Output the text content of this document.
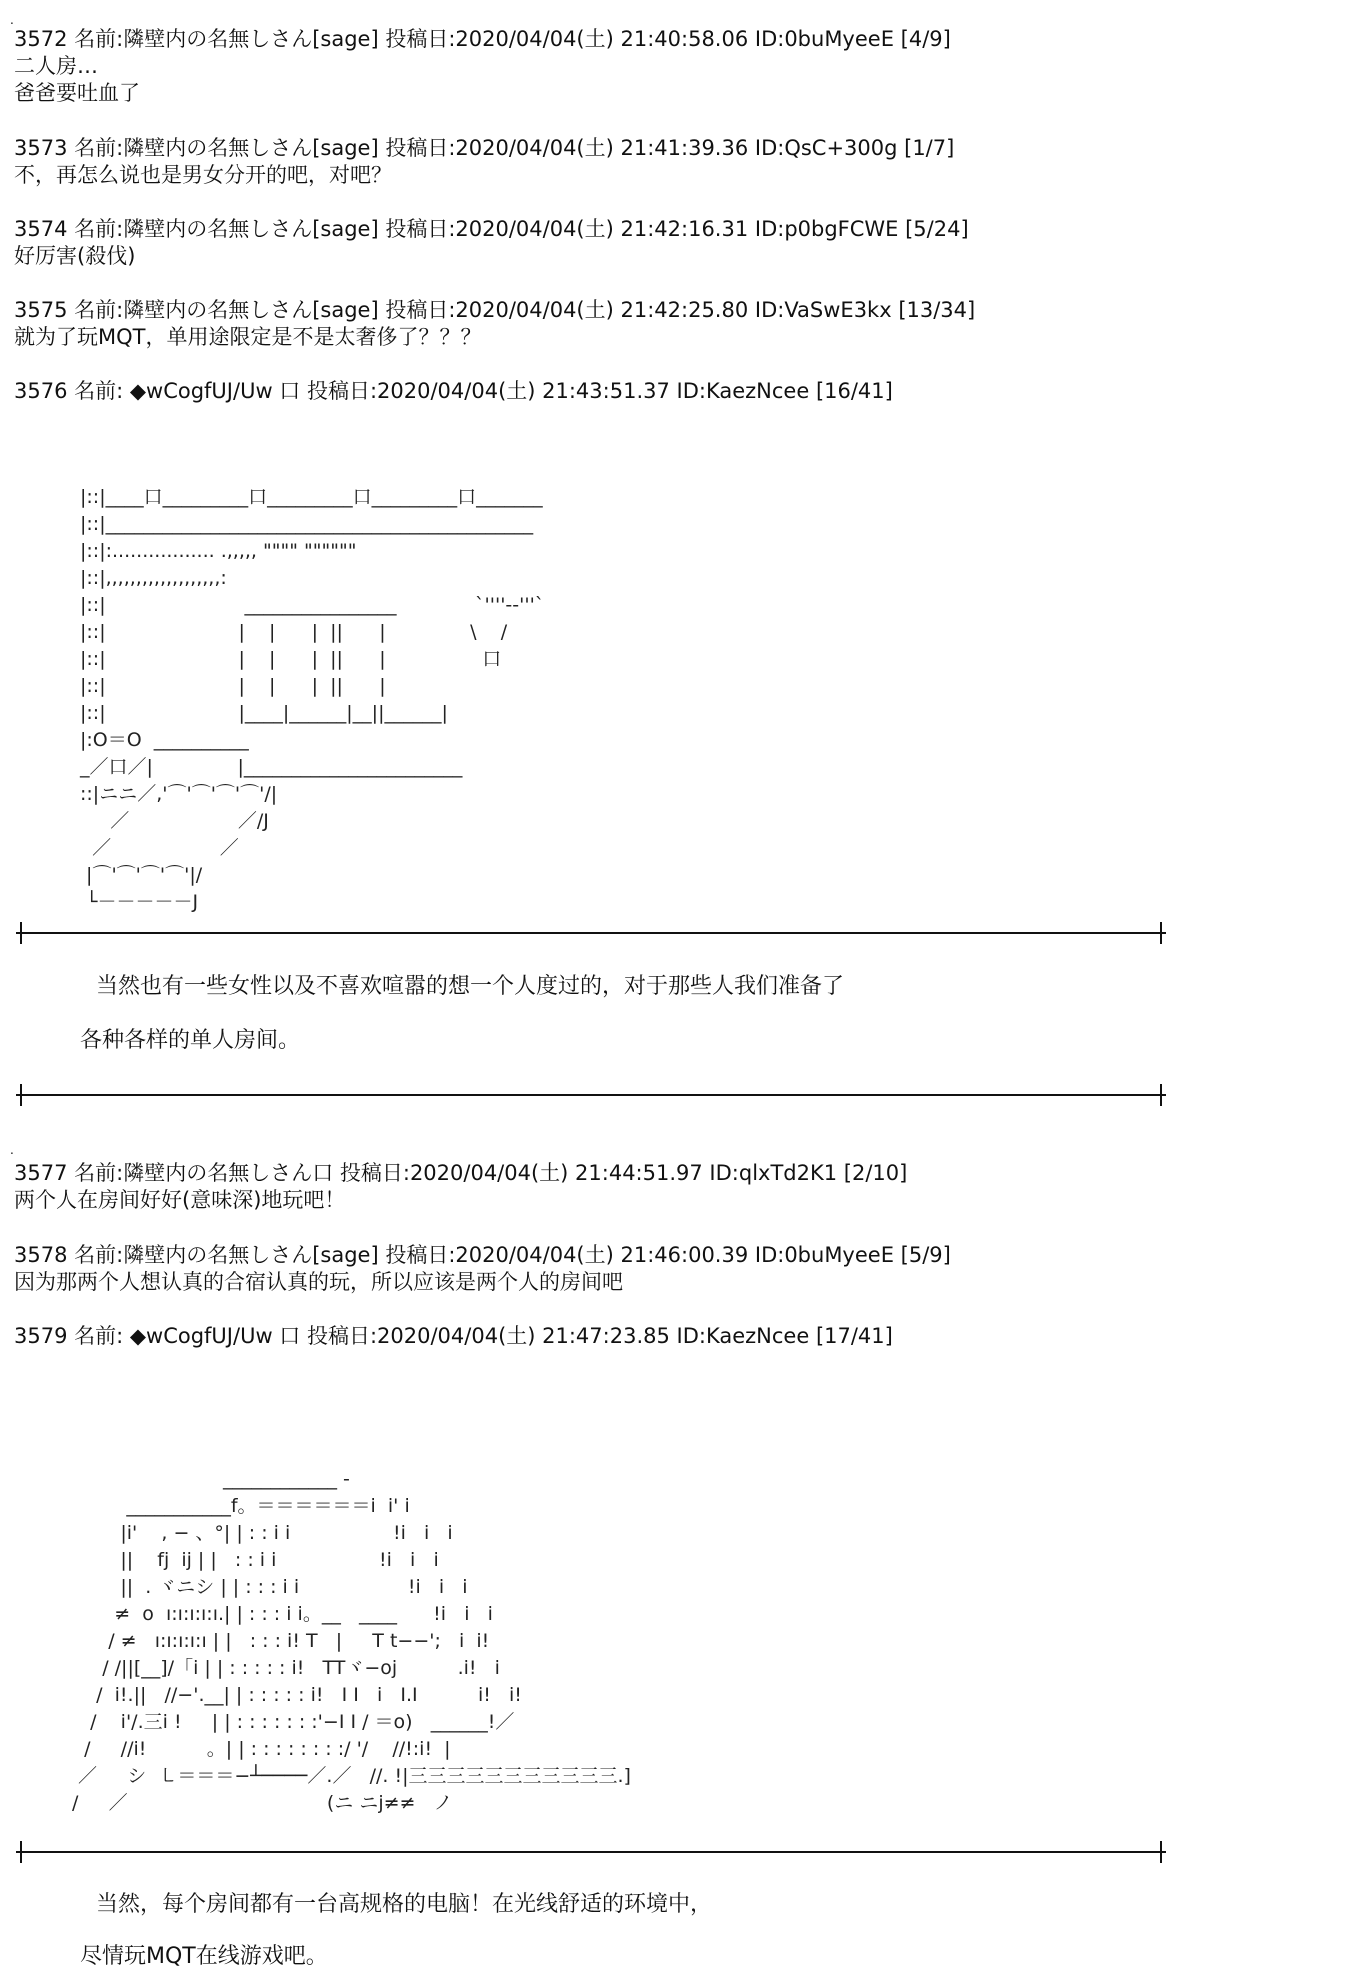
.
3572 名前:隣壁内の名無しさん[sage] 投稿日:2020/04/04(土) 21:40:58.06 ID:0buMyeeE [4/9]
二人房…
爸爸要吐血了
3573 名前:隣壁内の名無しさん[sage] 投稿日:2020/04/04(土) 21:41:39.36 ID:QsC+300g [1/7]
不，再怎么说也是男女分开的吧，对吧？
3574 名前:隣壁内の名無しさん[sage] 投稿日:2020/04/04(土) 21:42:16.31 ID:p0bgFCWE [5/24]
好厉害(殺伐)
3575 名前:隣壁内の名無しさん[sage] 投稿日:2020/04/04(土) 21:42:25.80 ID:VaSwE3kx [13/34]
就为了玩MQT，单用途限定是不是太奢侈了？？？
3576 名前: ◆wCogfUJ/Uw 口 投稿日:2020/04/04(土) 21:43:51.37 ID:KaezNcee [16/41]
|::|____口_________口_________口_________口_______
|::|_____________________________________________
|::|:................. .,,,,, """" """"""
|::|,,,,,,,,,,,,,,,,,,,:
|::|                       ________________             `''''--'''`
|::|                      |    |      |  ||      |              \    /
|::|                      |    |      |  ||      |                口
|::|                      |    |      |  ||      |
|::|                      |____|______|__||______|
|:O＝O  __________
_／口／|              |_______________________
::|ニニ／,'⌒'⌒'⌒'⌒'/|
／                  ／/J
／                  ／
|⌒'⌒'⌒'⌒'|/
└－－－－－J
当然也有一些女性以及不喜欢喧嚣的想一个人度过的，对于那些人我们准备了
各种各样的单人房间。
.
3577 名前:隣壁内の名無しさん口 投稿日:2020/04/04(土) 21:44:51.97 ID:qlxTd2K1 [2/10]
两个人在房间好好(意味深)地玩吧！
3578 名前:隣壁内の名無しさん[sage] 投稿日:2020/04/04(土) 21:46:00.39 ID:0buMyeeE [5/9]
因为那两个人想认真的合宿认真的玩，所以应该是两个人的房间吧
3579 名前: ◆wCogfUJ/Uw 口 投稿日:2020/04/04(土) 21:47:23.85 ID:KaezNcee [17/41]
____________ -
___________f。＝＝＝＝＝＝i  i' i
|i'    , − 、°| | : : i i                 !i   i   i
||    fj  ij | |   : : i i                 !i   i   i
||  . ヾニシ | | : : : i i                  !i   i   i
≠  o  ı:ı:ı:ı:ı.| | : : : i i。__   ____      !i   i   i
/ ≠   ı:ı:ı:ı:ı | |   : : : i! T   |     T t−−';   i  i!
/ /||[__]/「i | | : : : : : i!   TTヾ−oj          .i!   i
/  i!.||   //−'.__| | : : : : : i!   I I   i   I.I          i!   i!
/    i'/.三i !     | | : : : : : : :'−I I / ＝o)   ______!／
/     //i!          。| | : : : : : : : :/ '/    //!:i!  |
／     シ  ㇄＝＝＝−┴────／.／   //. !|三三三三三三三三三三三.]
/     ／                                 (ニ ニj≠≠   ノ
当然，每个房间都有一台高规格的电脑！在光线舒适的环境中，
尽情玩MQT在线游戏吧。
